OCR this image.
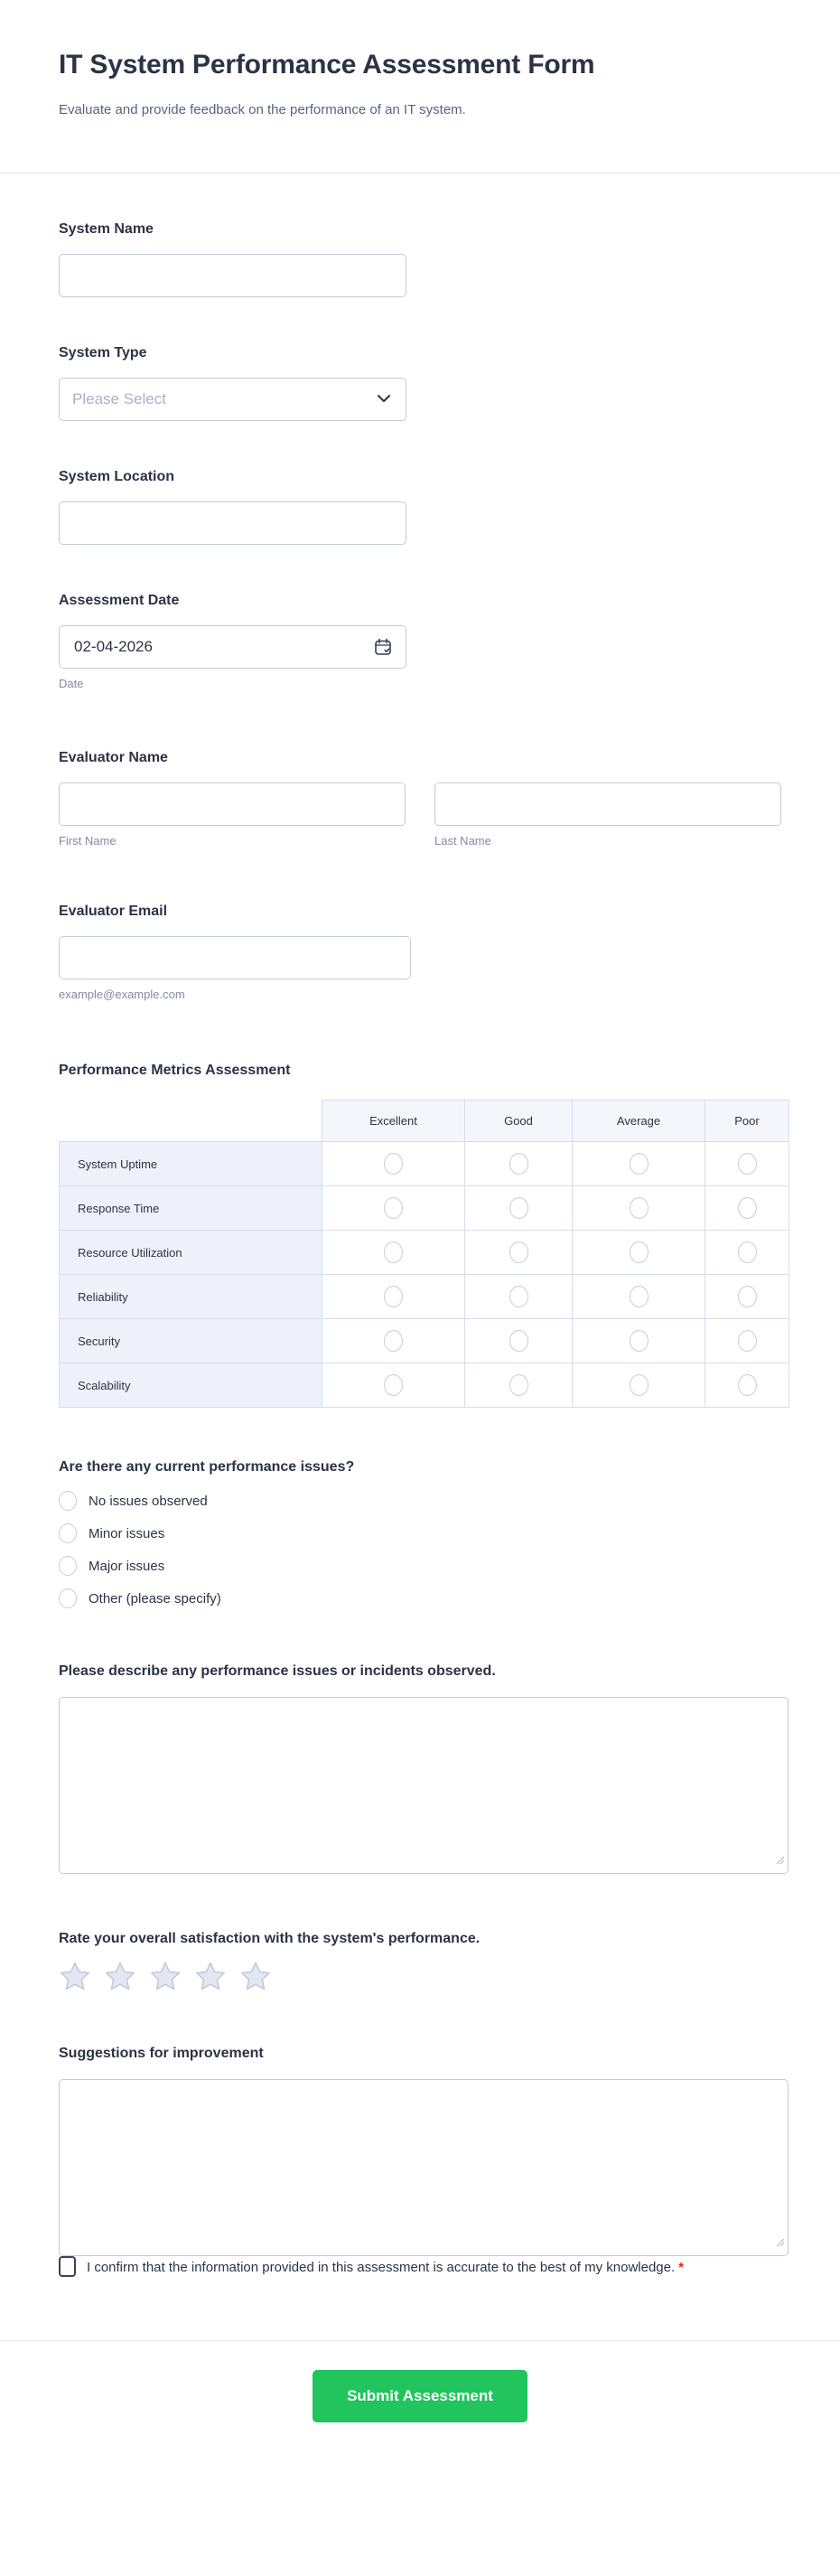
IT System Performance Assessment Form
Evaluate and provide feedback on the performance of an IT system.
System Name
System Type
Please Select
System Location
Assessment Date
02-04-2026
Date
Evaluator Name
First Name	Last Name
Evaluator Email
example@example.com
Performance Metrics Assessment
	Excellent	Good	Average	Poor
System Uptime				
Response Time				
Resource Utilization				
Reliability				
Security				
Scalability				
Are there any current performance issues?
No issues observed
Minor issues
Major issues
Other (please specify)
Please describe any performance issues or incidents observed.
Rate your overall satisfaction with the system's performance.
Suggestions for improvement
I confirm that the information provided in this assessment is accurate to the best of my knowledge. *
Submit Assessment
